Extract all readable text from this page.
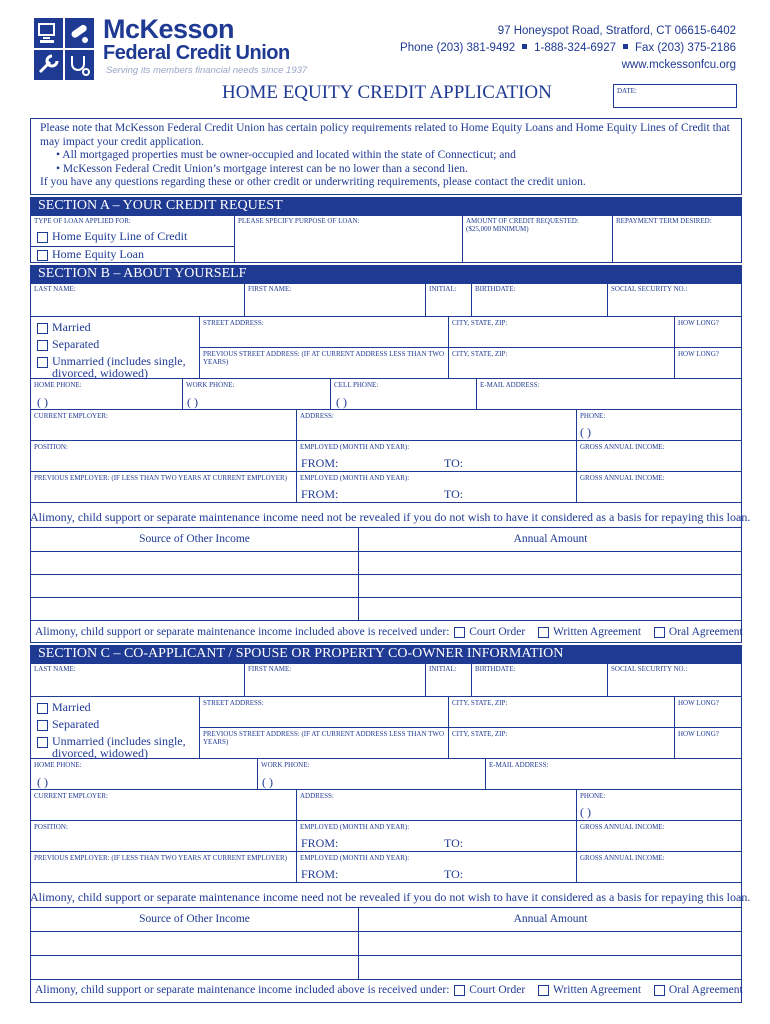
McKesson
Federal Credit Union
Serving its members financial needs since 1937
97 Honeyspot Road, Stratford, CT 06615-6402
Phone (203) 381-9492 1-888-324-6927 Fax (203) 375-2186
www.mckessonfcu.org
HOME EQUITY CREDIT APPLICATION	DATE:
Please note that McKesson Federal Credit Union has certain policy requirements related to Home Equity Loans and Home Equity Lines of Credit that may impact your credit application.
• All mortgaged properties must be owner-occupied and located within the state of Connecticut; and
• McKesson Federal Credit Union’s mortgage interest can be no lower than a second lien.
If you have any questions regarding these or other credit or underwriting requirements, please contact the credit union.
SECTION A – YOUR CREDIT REQUEST
TYPE OF LOAN APPLIED FOR:	PLEASE SPECIFY PURPOSE OF LOAN:	AMOUNT OF CREDIT REQUESTED:
($25,000 MINIMUM)
REPAYMENT TERM DESIRED:
Home Equity Line of Credit
Home Equity Loan
SECTION B – ABOUT YOURSELF
LAST NAME:	FIRST NAME:	INITIAL:	BIRTHDATE:	SOCIAL SECURITY NO.:
Married
Separated
Unmarried (includes single,
divorced, widowed)
STREET ADDRESS:	CITY, STATE, ZIP:	HOW LONG?
PREVIOUS STREET ADDRESS: (IF AT CURRENT ADDRESS LESS THAN TWO YEARS)
CITY, STATE, ZIP:	HOW LONG?
HOME PHONE:	WORK PHONE:	CELL PHONE:	E-MAIL ADDRESS:
( )	( )	( )
CURRENT EMPLOYER:	ADDRESS:	PHONE:
( )
POSITION:	EMPLOYED (MONTH AND YEAR):	GROSS ANNUAL INCOME:
FROM:	TO:
PREVIOUS EMPLOYER: (IF LESS THAN TWO YEARS AT CURRENT EMPLOYER)	EMPLOYED (MONTH AND YEAR):	GROSS ANNUAL INCOME:
FROM:	TO:
Alimony, child support or separate maintenance income need not be revealed if you do not wish to have it considered as a basis for repaying this loan.
Source of Other Income	Annual Amount
Alimony, child support or separate maintenance income included above is received under: Court Order Written Agreement Oral Agreement
SECTION C – CO-APPLICANT / SPOUSE OR PROPERTY CO-OWNER INFORMATION
LAST NAME:	FIRST NAME:	INITIAL:	BIRTHDATE:	SOCIAL SECURITY NO.:
Married
Separated
Unmarried (includes single,
divorced, widowed)
STREET ADDRESS:	CITY, STATE, ZIP:	HOW LONG?
PREVIOUS STREET ADDRESS: (IF AT CURRENT ADDRESS LESS THAN TWO YEARS)
CITY, STATE, ZIP:	HOW LONG?
HOME PHONE:	WORK PHONE:	E-MAIL ADDRESS:
( )	( )
CURRENT EMPLOYER:	ADDRESS:	PHONE:
( )
POSITION:	EMPLOYED (MONTH AND YEAR):	GROSS ANNUAL INCOME:
FROM:	TO:
PREVIOUS EMPLOYER: (IF LESS THAN TWO YEARS AT CURRENT EMPLOYER)	EMPLOYED (MONTH AND YEAR):	GROSS ANNUAL INCOME:
FROM:	TO:
Alimony, child support or separate maintenance income need not be revealed if you do not wish to have it considered as a basis for repaying this loan.
Source of Other Income	Annual Amount
Alimony, child support or separate maintenance income included above is received under: Court Order Written Agreement Oral Agreement
